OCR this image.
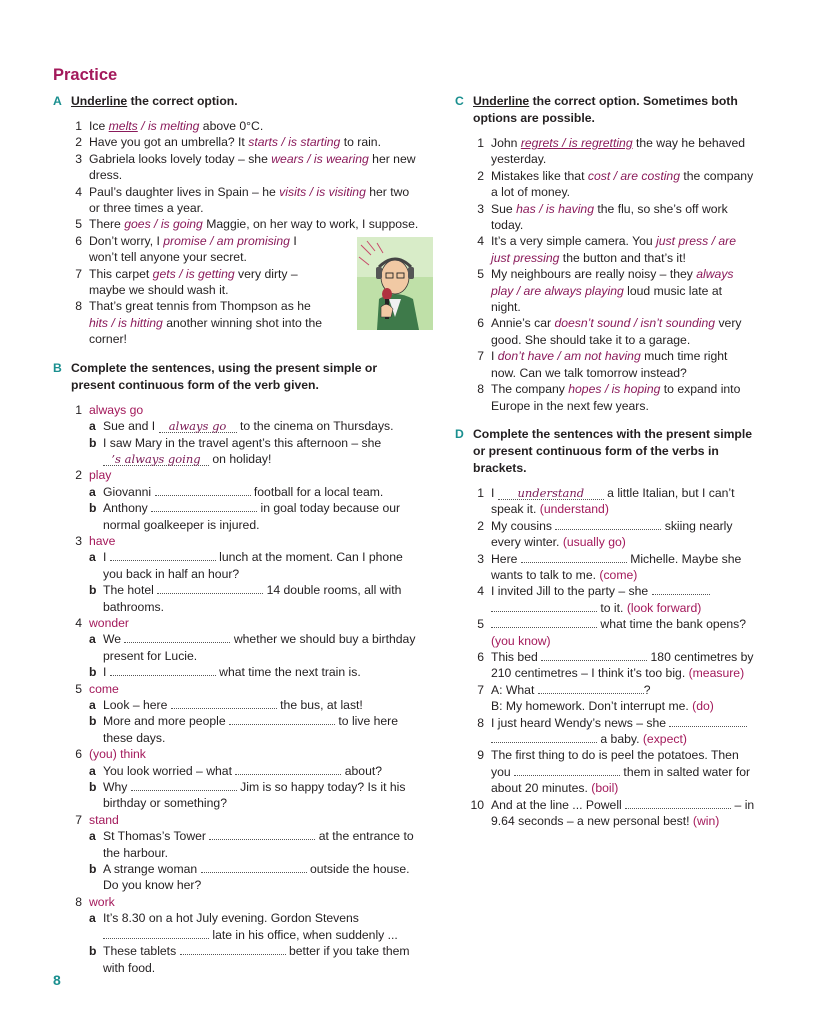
Practice
A Underline the correct option.
1 Ice melts / is melting above 0°C.
2 Have you got an umbrella? It starts / is starting to rain.
3 Gabriela looks lovely today – she wears / is wearing her new dress.
4 Paul’s daughter lives in Spain – he visits / is visiting her two or three times a year.
5 There goes / is going Maggie, on her way to work, I suppose.
6 Don’t worry, I promise / am promising I won’t tell anyone your secret.
7 This carpet gets / is getting very dirty – maybe we should wash it.
8 That’s great tennis from Thompson as he hits / is hitting another winning shot into the corner!
B Complete the sentences, using the present simple or present continuous form of the verb given.
1 always go
a Sue and I always go to the cinema on Thursdays.
b I saw Mary in the travel agent’s this afternoon – she ’s always going on holiday!
2 play
a Giovanni	football for a local team.
b Anthony	in goal today because our normal goalkeeper is injured.
3 have
a I	lunch at the moment. Can I phone you back in half an hour?
b The hotel	14 double rooms, all with bathrooms.
4 wonder
a We	whether we should buy a birthday present for Lucie.
b I	what time the next train is.
5 come
a Look – here	the bus, at last!
b More and more people	to live here these days.
6 (you) think
a You look worried – what	about?
b Why	Jim is so happy today? Is it his birthday or something?
7 stand
a St Thomas’s Tower	at the entrance to the harbour.
b A strange woman	outside the house. Do you know her?
8 work
a It’s 8.30 on a hot July evening. Gordon Stevens  late in his office, when suddenly ...
b These tablets	better if you take them with food.
C Underline the correct option. Sometimes both options are possible.
1 John regrets / is regretting the way he behaved yesterday.
2 Mistakes like that cost / are costing the company a lot of money.
3 Sue has / is having the flu, so she’s off work today.
4 It’s a very simple camera. You just press / are just pressing the button and that’s it!
5 My neighbours are really noisy – they always play / are always playing loud music late at night.
6 Annie’s car doesn’t sound / isn’t sounding very good. She should take it to a garage.
7 I don’t have / am not having much time right now. Can we talk tomorrow instead?
8 The company hopes / is hoping to expand into Europe in the next few years.
D Complete the sentences with the present simple or present continuous form of the verbs in brackets.
1 I understand a little Italian, but I can’t speak it. (understand)
2 My cousins	skiing nearly every winter. (usually go)
3 Here	Michelle. Maybe she wants to talk to me. (come)
4 I invited Jill to the party – she   to it. (look forward)
5	what time the bank opens? (you know)
6 This bed	180 centimetres by 210 centimetres – I think it’s too big. (measure)
7 A: What	?
B: My homework. Don’t interrupt me. (do)
8 I just heard Wendy’s news – she   a baby. (expect)
9 The first thing to do is peel the potatoes. Then you	them in salted water for about 20 minutes. (boil)
10 And at the line ... Powell	– in 9.64 seconds – a new personal best! (win)
8
